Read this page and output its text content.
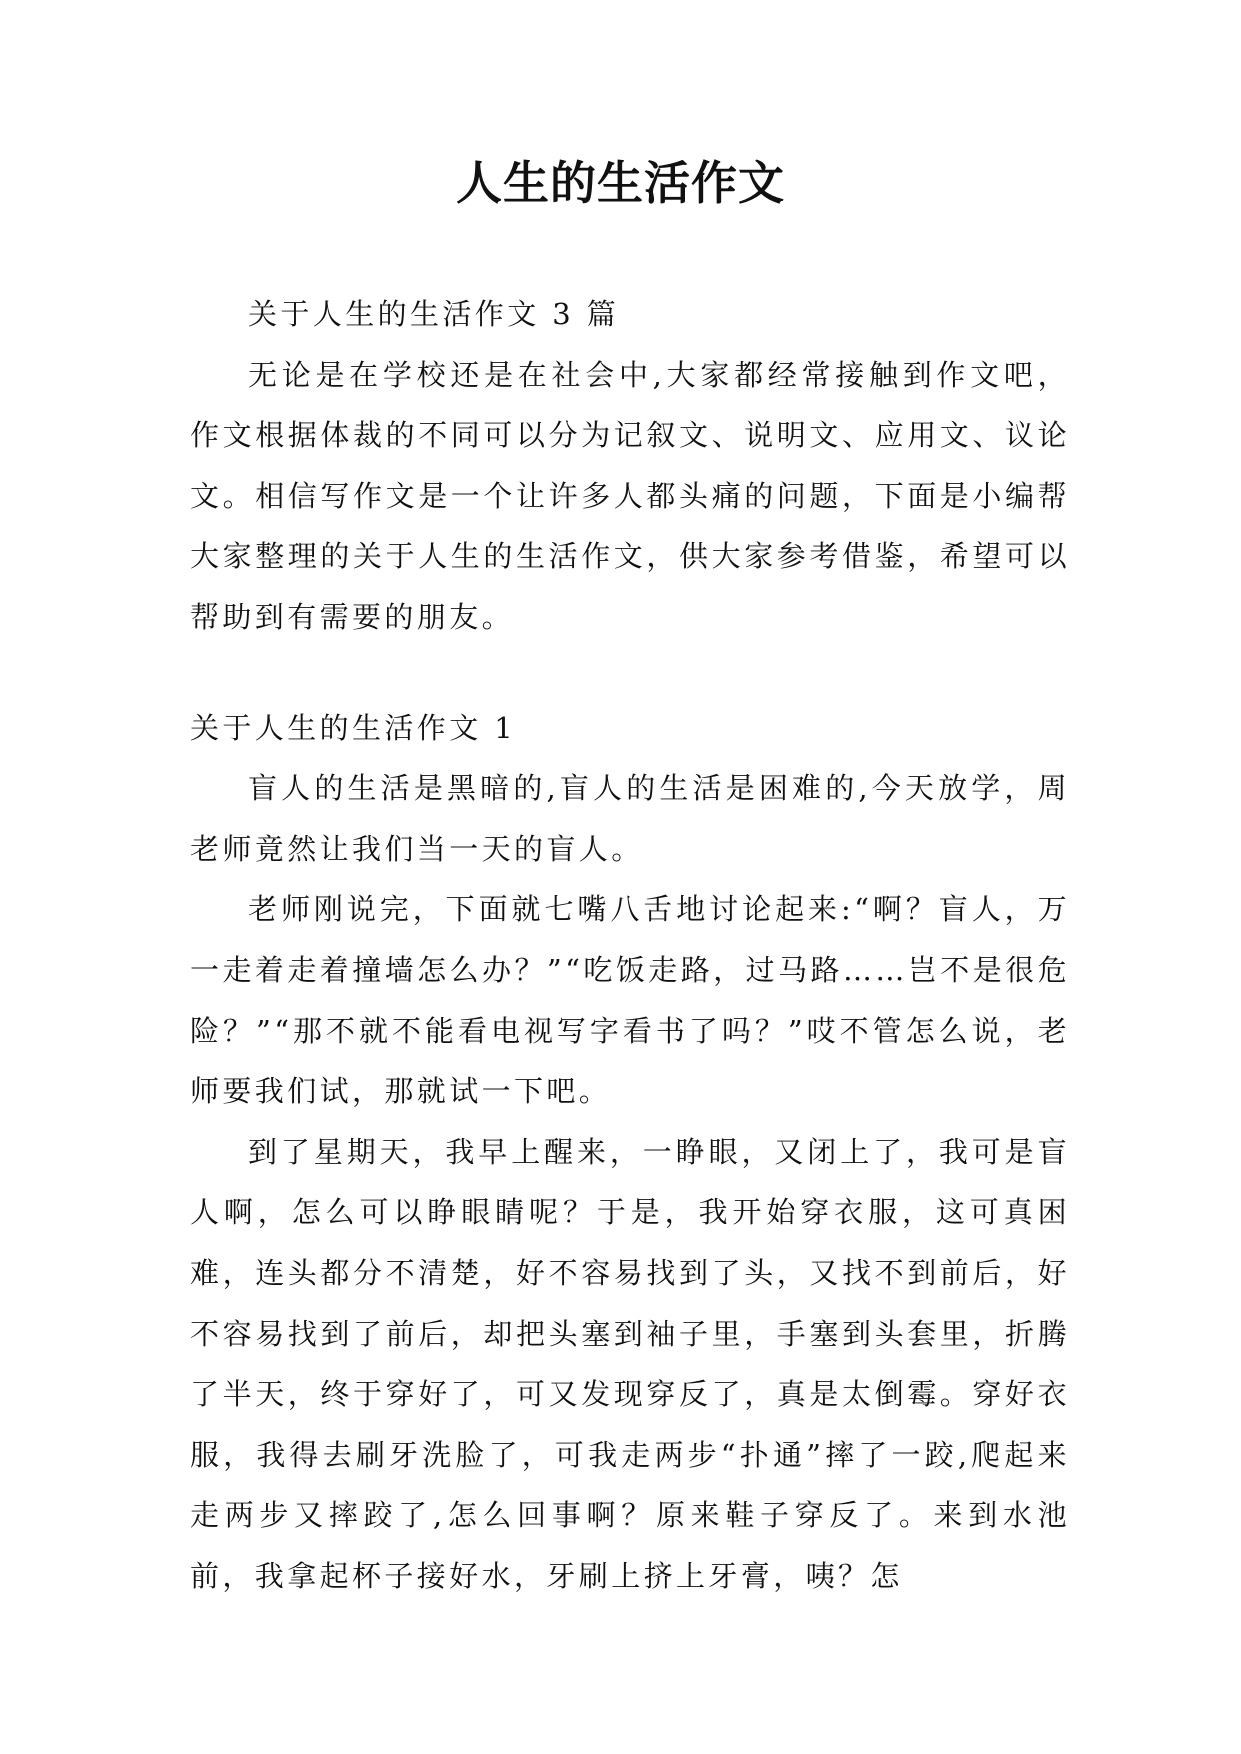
人生的生活作文

关于人生的生活作文 3 篇

无论是在学校还是在社会中,大家都经常接触到作文吧，作文根据体裁的不同可以分为记叙文、说明文、应用文、议论文。相信写作文是一个让许多人都头痛的问题，下面是小编帮大家整理的关于人生的生活作文，供大家参考借鉴，希望可以帮助到有需要的朋友。

关于人生的生活作文 1

盲人的生活是黑暗的,盲人的生活是困难的,今天放学，周老师竟然让我们当一天的盲人。

老师刚说完，下面就七嘴八舌地讨论起来:“啊？盲人，万一走着走着撞墙怎么办？”“吃饭走路，过马路……岂不是很危险？”“那不就不能看电视写字看书了吗？”哎不管怎么说，老师要我们试，那就试一下吧。

到了星期天，我早上醒来，一睁眼，又闭上了，我可是盲人啊，怎么可以睁眼睛呢？于是，我开始穿衣服，这可真困难，连头都分不清楚，好不容易找到了头，又找不到前后，好不容易找到了前后，却把头塞到袖子里，手塞到头套里，折腾了半天，终于穿好了，可又发现穿反了，真是太倒霉。穿好衣服，我得去刷牙洗脸了，可我走两步“扑通”摔了一跤,爬起来走两步又摔跤了,怎么回事啊？原来鞋子穿反了。来到水池前，我拿起杯子接好水，牙刷上挤上牙膏，咦？怎
